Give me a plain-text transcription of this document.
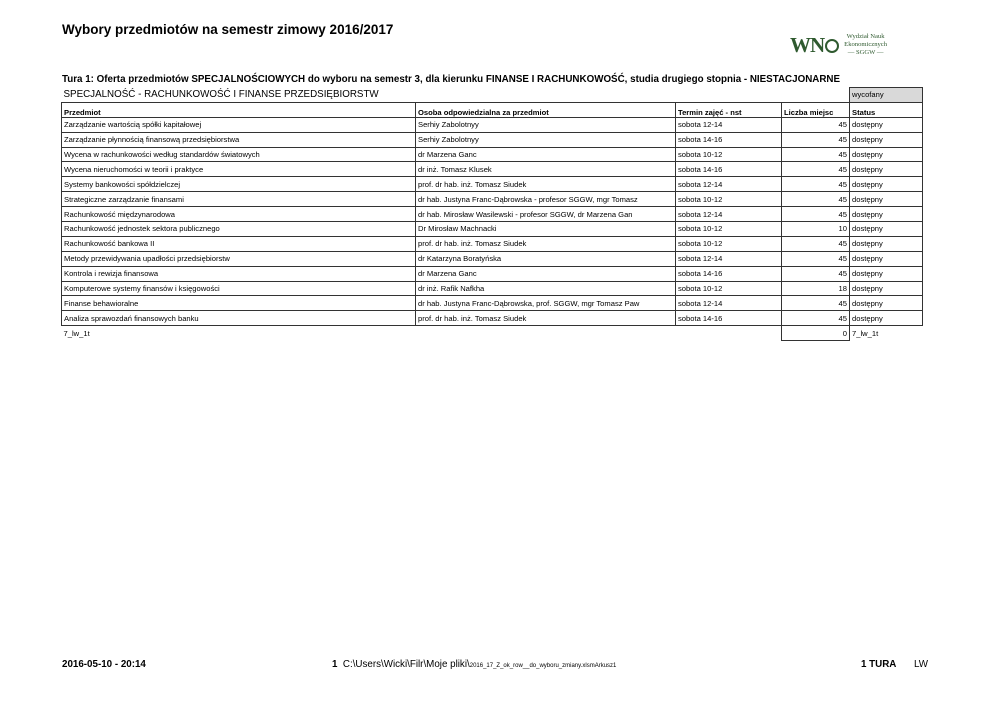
Wybory przedmiotów na semestr zimowy 2016/2017
WN	Wydział Nauk
Ekonomicznych
— SGGW —
Tura 1: Oferta przedmiotów SPECJALNOŚCIOWYCH do wyboru na semestr 3, dla kierunku FINANSE I RACHUNKOWOŚĆ, studia drugiego stopnia - NIESTACJONARNE
SPECJALNOŚĆ - RACHUNKOWOŚĆ I FINANSE PRZEDSIĘBIORSTW				wycofany
Przedmiot	Osoba odpowiedzialna za przedmiot	Termin zajęć - nst	Liczba miejsc	Status
Zarządzanie wartością spółki kapitałowej	Serhiy Zabolotnyy	sobota 12-14	45	dostępny
Zarządzanie płynnością finansową przedsiębiorstwa	Serhiy Zabolotnyy	sobota 14-16	45	dostępny
Wycena w rachunkowości według standardów światowych	dr Marzena Ganc	sobota 10-12	45	dostępny
Wycena nieruchomości w teorii i praktyce	dr inż. Tomasz Klusek	sobota 14-16	45	dostępny
Systemy bankowości spółdzielczej	prof. dr hab. inż. Tomasz Siudek	sobota 12-14	45	dostępny
Strategiczne zarządzanie finansami	dr hab. Justyna Franc-Dąbrowska - profesor SGGW, mgr Tomasz	sobota 10-12	45	dostępny
Rachunkowość międzynarodowa	dr hab. Mirosław Wasilewski - profesor SGGW, dr Marzena Gan	sobota 12-14	45	dostępny
Rachunkowość jednostek sektora publicznego	Dr Mirosław Machnacki	sobota 10-12	10	dostępny
Rachunkowość bankowa II	prof. dr hab. inż. Tomasz Siudek	sobota 10-12	45	dostępny
Metody przewidywania upadłości przedsiębiorstw	dr Katarzyna Boratyńska	sobota 12-14	45	dostępny
Kontrola i rewizja finansowa	dr Marzena Ganc	sobota 14-16	45	dostępny
Komputerowe systemy finansów i księgowości	dr inż. Rafik Nafkha	sobota 10-12	18	dostępny
Finanse behawioralne	dr hab. Justyna Franc-Dąbrowska, prof. SGGW, mgr Tomasz Paw	sobota 12-14	45	dostępny
Analiza sprawozdań finansowych banku	prof. dr hab. inż. Tomasz Siudek	sobota 14-16	45	dostępny
7_lw_1t			0	7_lw_1t
2016-05-10 - 20:14	1 C:\Users\Wicki\Filr\Moje pliki\2016_17_Z_ok_row__do_wyboru_zmiany.xlsmArkusz1	1 TURA LW
